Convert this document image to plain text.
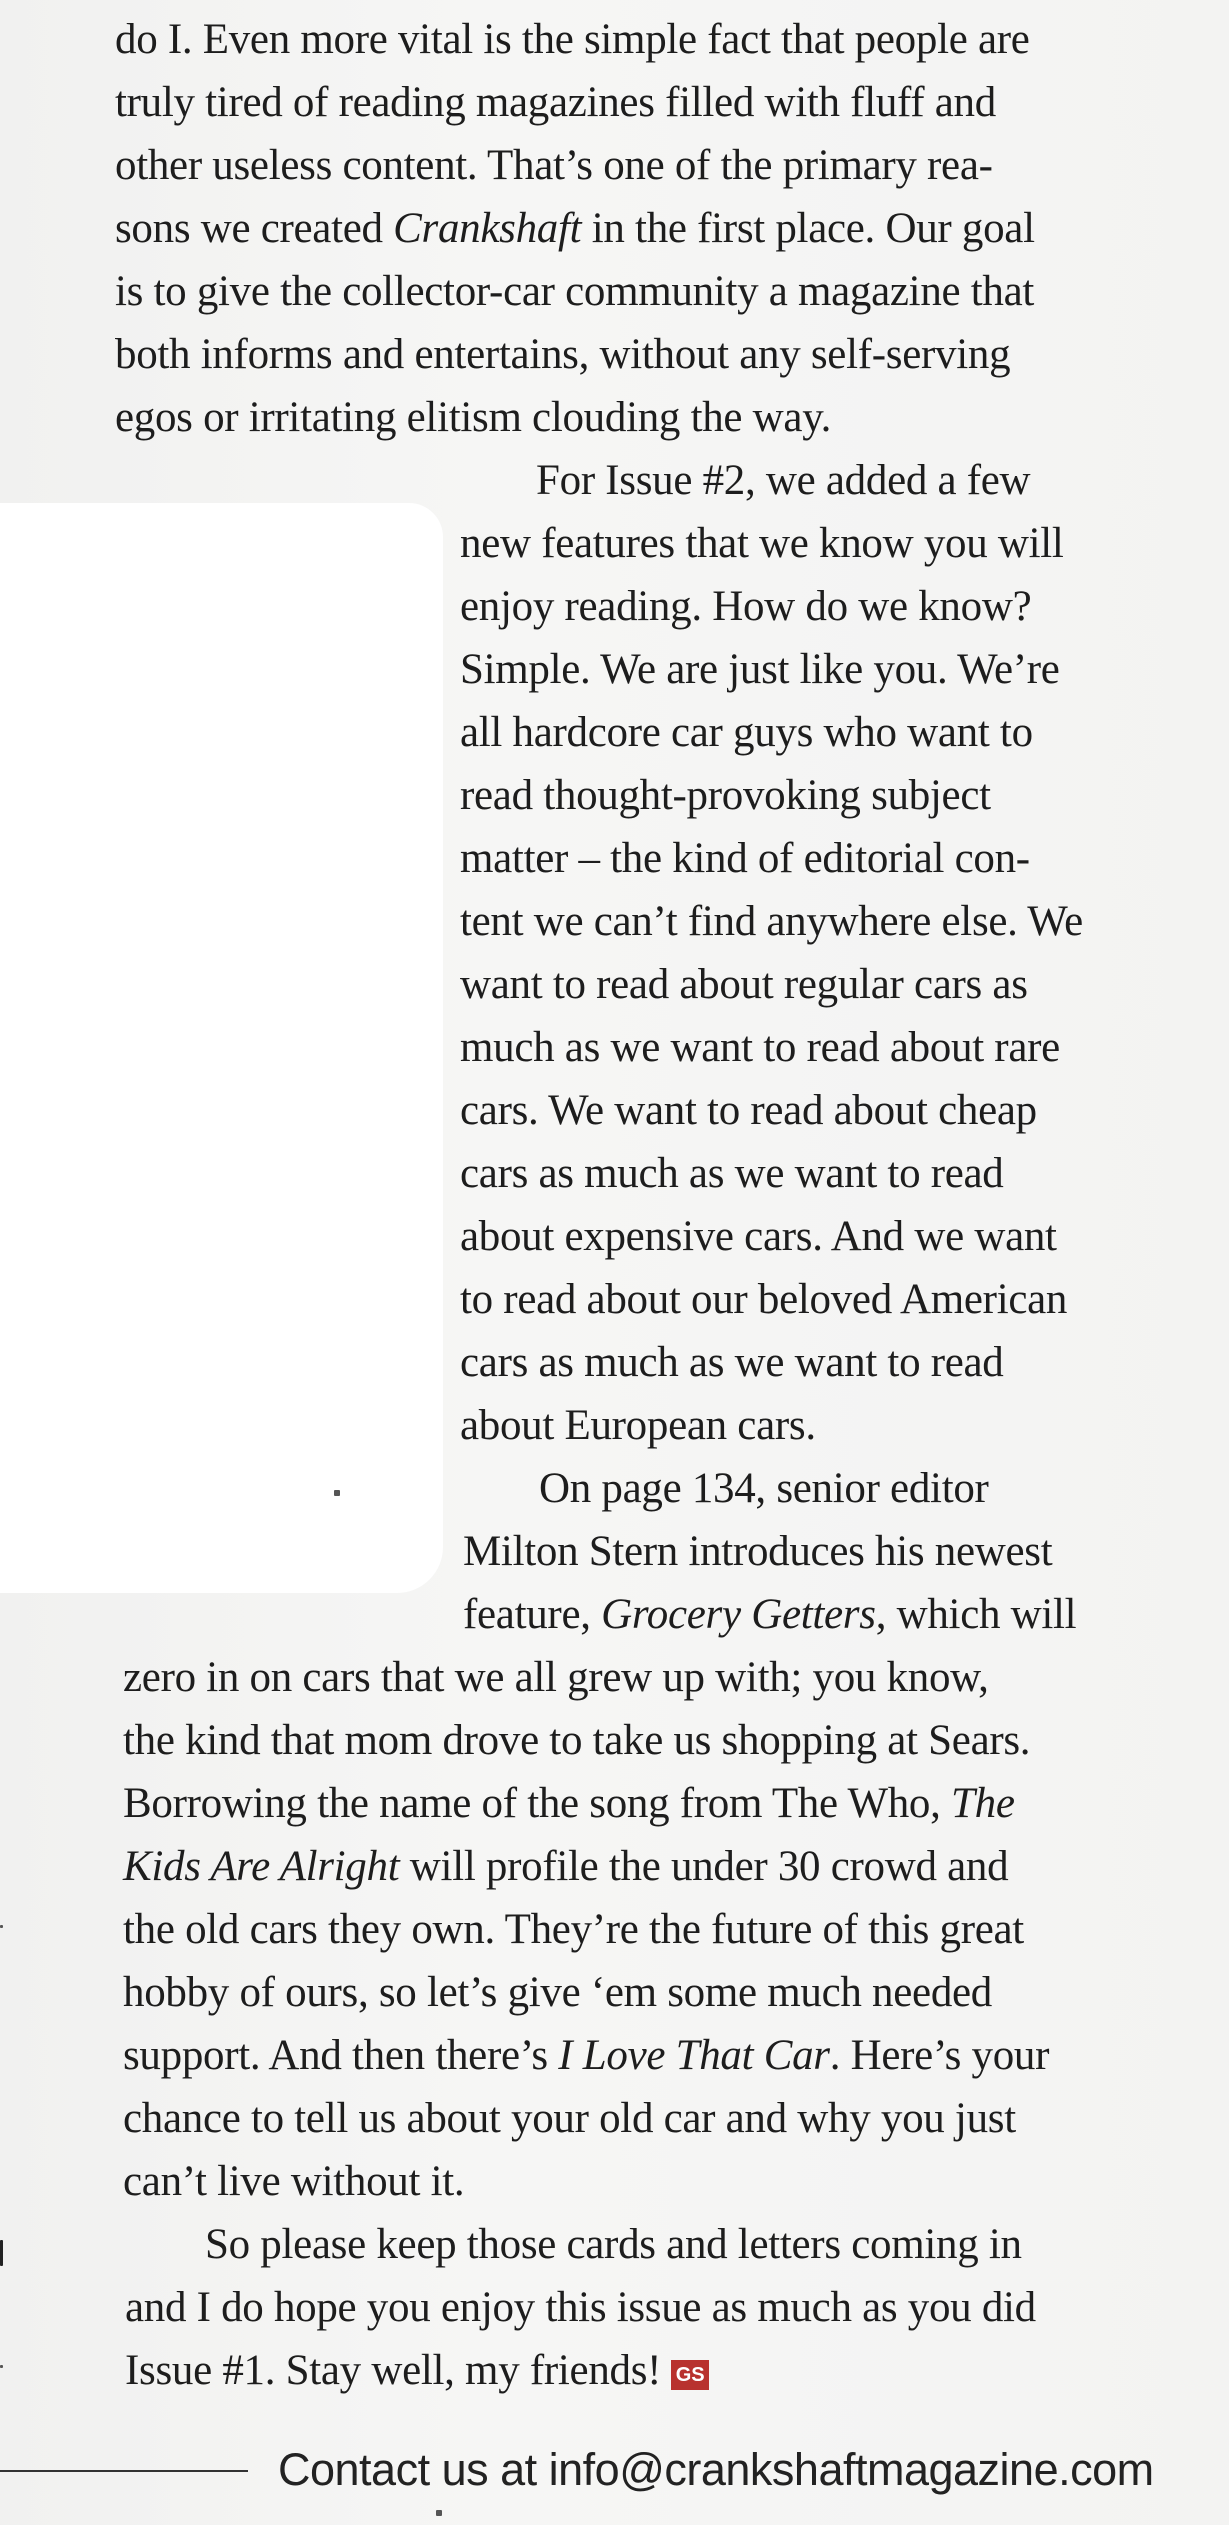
do I. Even more vital is the simple fact that people are
truly tired of reading magazines filled with fluff and
other useless content. That’s one of the primary rea-
sons we created Crankshaft in the first place. Our goal
is to give the collector-car community a magazine that
both informs and entertains, without any self-serving
egos or irritating elitism clouding the way.
For Issue #2, we added a few
new features that we know you will
enjoy reading. How do we know?
Simple. We are just like you. We’re
all hardcore car guys who want to
read thought-provoking subject
matter – the kind of editorial con-
tent we can’t find anywhere else. We
want to read about regular cars as
much as we want to read about rare
cars. We want to read about cheap
cars as much as we want to read
about expensive cars. And we want
to read about our beloved American
cars as much as we want to read
about European cars.
On page 134, senior editor
Milton Stern introduces his newest
feature, Grocery Getters, which will
zero in on cars that we all grew up with; you know,
the kind that mom drove to take us shopping at Sears.
Borrowing the name of the song from The Who, The
Kids Are Alright will profile the under 30 crowd and
the old cars they own. They’re the future of this great
hobby of ours, so let’s give ‘em some much needed
support. And then there’s I Love That Car. Here’s your
chance to tell us about your old car and why you just
can’t live without it.
So please keep those cards and letters coming in
and I do hope you enjoy this issue as much as you did
Issue #1. Stay well, my friends! GS
Contact us at info@crankshaftmagazine.com
